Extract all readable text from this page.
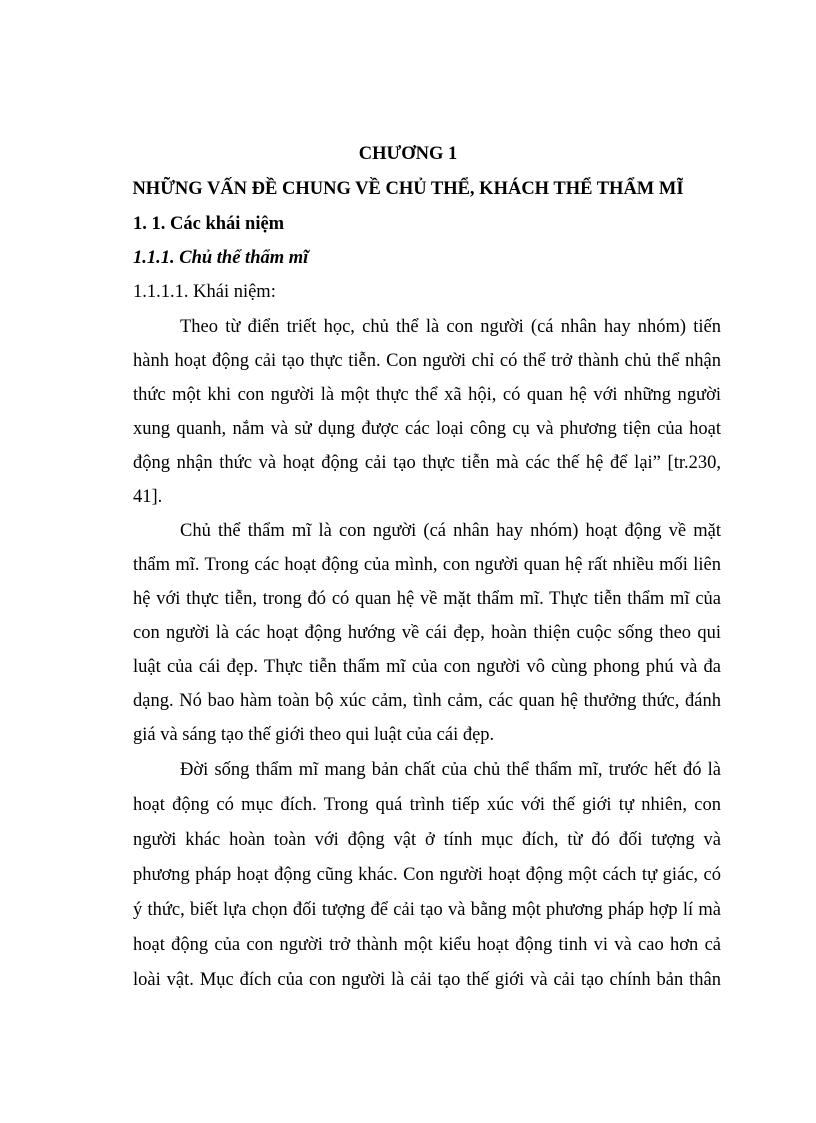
CHƯƠNG 1
NHỮNG VẤN ĐỀ CHUNG VỀ CHỦ THỂ, KHÁCH THỂ THẨM MĨ
1. 1. Các khái niệm
1.1.1. Chủ thể thẩm mĩ
1.1.1.1. Khái niệm:
Theo từ điển triết học, chủ thể là con người (cá nhân hay nhóm) tiến
hành hoạt động cải tạo thực tiễn. Con người chỉ có thể trở thành chủ thể nhận
thức một khi con người là một thực thể xã hội, có quan hệ với những người
xung quanh, nắm và sử dụng được các loại công cụ và phương tiện của hoạt
động nhận thức và hoạt động cải tạo thực tiễn mà các thế hệ để lại” [tr.230,
41].
Chủ thể thẩm mĩ là con người (cá nhân hay nhóm) hoạt động về mặt
thẩm mĩ. Trong các hoạt động của mình, con người quan hệ rất nhiều mối liên
hệ với thực tiễn, trong đó có quan hệ về mặt thẩm mĩ. Thực tiễn thẩm mĩ của
con người là các hoạt động hướng về cái đẹp, hoàn thiện cuộc sống theo qui
luật của cái đẹp. Thực tiễn thẩm mĩ của con người vô cùng phong phú và đa
dạng. Nó bao hàm toàn bộ xúc cảm, tình cảm, các quan hệ thưởng thức, đánh
giá và sáng tạo thế giới theo qui luật của cái đẹp.
Đời sống thẩm mĩ mang bản chất của chủ thể thẩm mĩ, trước hết đó là
hoạt động có mục đích. Trong quá trình tiếp xúc với thế giới tự nhiên, con
người khác hoàn toàn với động vật ở tính mục đích, từ đó đối tượng và
phương pháp hoạt động cũng khác. Con người hoạt động một cách tự giác, có
ý thức, biết lựa chọn đối tượng để cải tạo và bằng một phương pháp hợp lí mà
hoạt động của con người trở thành một kiểu hoạt động tinh vi và cao hơn cả
loài vật. Mục đích của con người là cải tạo thế giới và cải tạo chính bản thân
